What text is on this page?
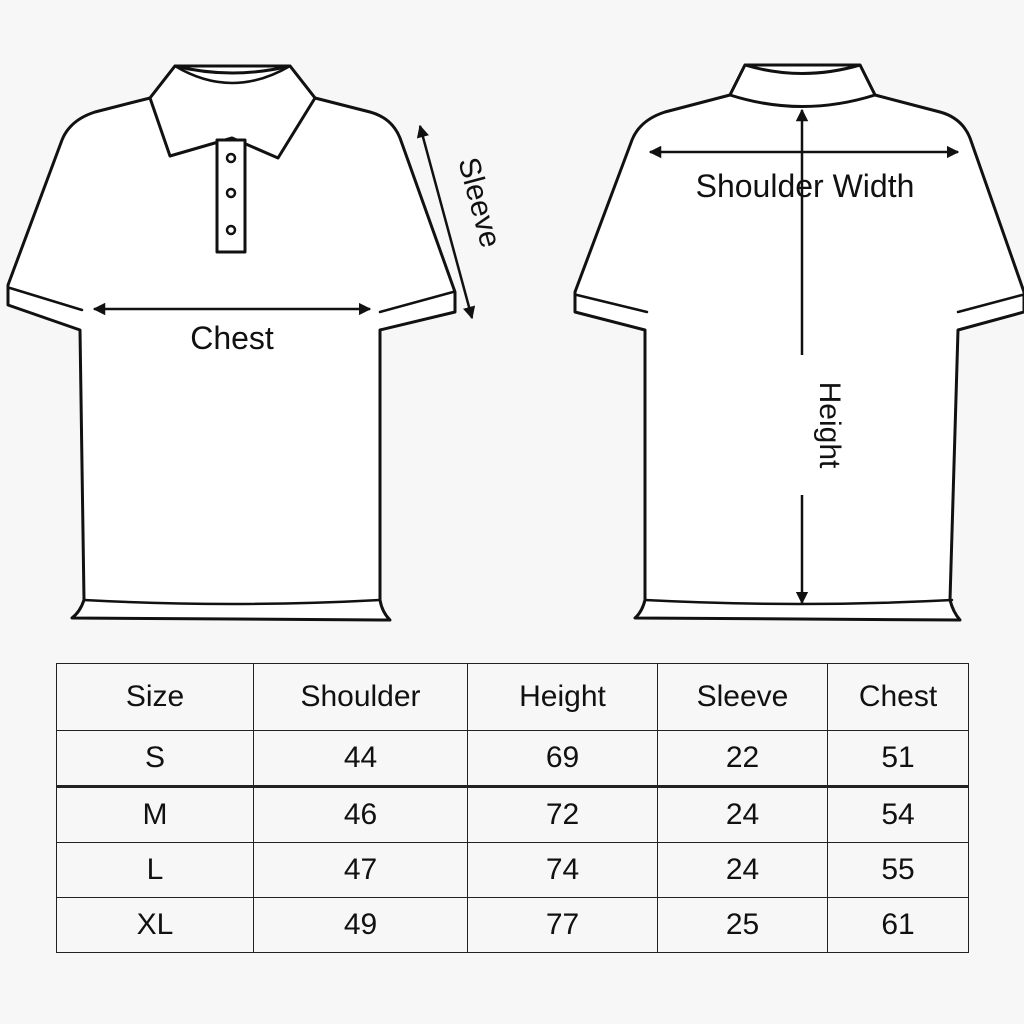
Chest
Sleeve	Shoulder Width
Height
Size	Shoulder	Height	Sleeve	Chest
S	44	69	22	51
M	46	72	24	54
L	47	74	24	55
XL	49	77	25	61
